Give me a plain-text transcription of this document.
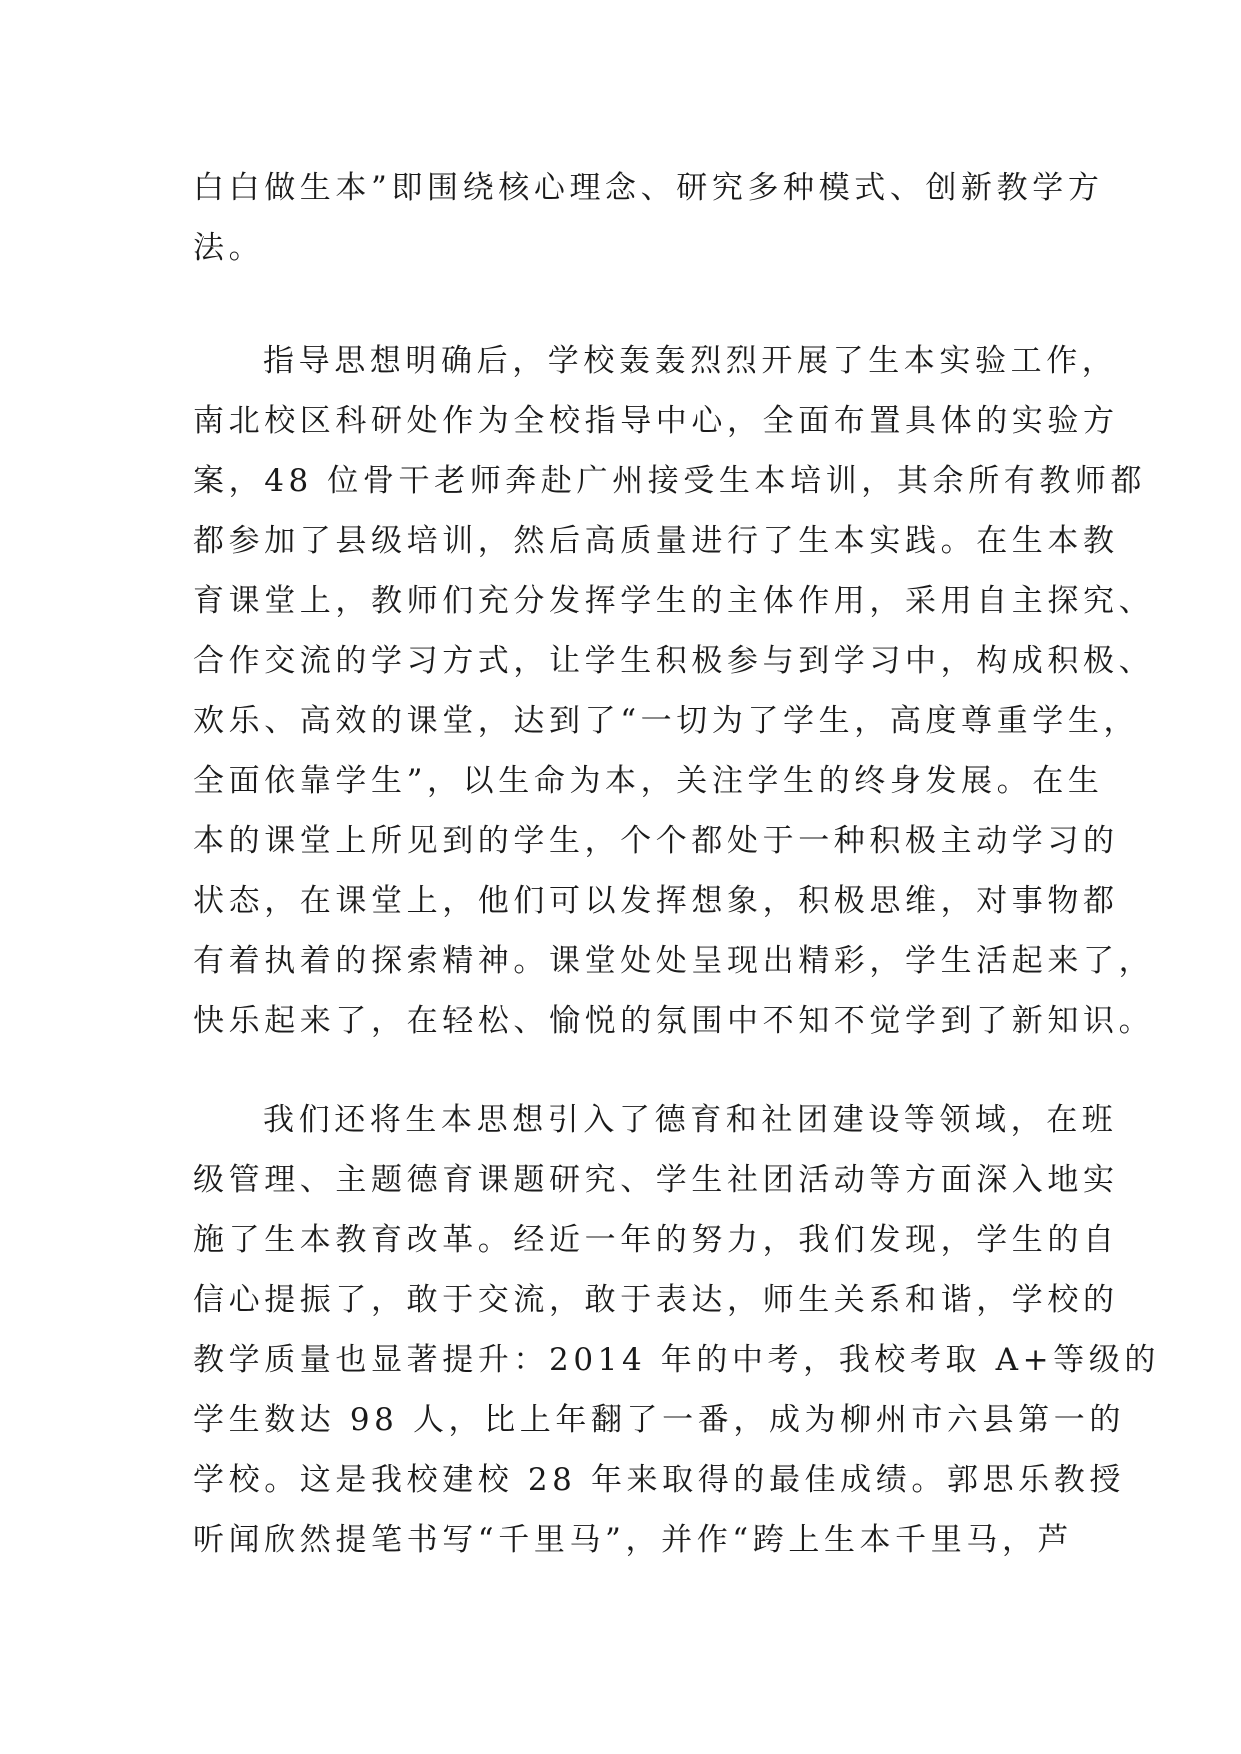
白白做生本”即围绕核心理念、研究多种模式、创新教学方
法。
指导思想明确后，学校轰轰烈烈开展了生本实验工作，
南北校区科研处作为全校指导中心，全面布置具体的实验方
案，48 位骨干老师奔赴广州接受生本培训，其余所有教师都
都参加了县级培训，然后高质量进行了生本实践。在生本教
育课堂上，教师们充分发挥学生的主体作用，采用自主探究、
合作交流的学习方式，让学生积极参与到学习中，构成积极、
欢乐、高效的课堂，达到了“一切为了学生，高度尊重学生，
全面依靠学生”，以生命为本，关注学生的终身发展。在生
本的课堂上所见到的学生，个个都处于一种积极主动学习的
状态，在课堂上，他们可以发挥想象，积极思维，对事物都
有着执着的探索精神。课堂处处呈现出精彩，学生活起来了，
快乐起来了，在轻松、愉悦的氛围中不知不觉学到了新知识。
我们还将生本思想引入了德育和社团建设等领域，在班
级管理、主题德育课题研究、学生社团活动等方面深入地实
施了生本教育改革。经近一年的努力，我们发现，学生的自
信心提振了，敢于交流，敢于表达，师生关系和谐，学校的
教学质量也显著提升：2014 年的中考，我校考取 A+等级的
学生数达 98 人，比上年翻了一番，成为柳州市六县第一的
学校。这是我校建校 28 年来取得的最佳成绩。郭思乐教授
听闻欣然提笔书写“千里马”，并作“跨上生本千里马，芦
